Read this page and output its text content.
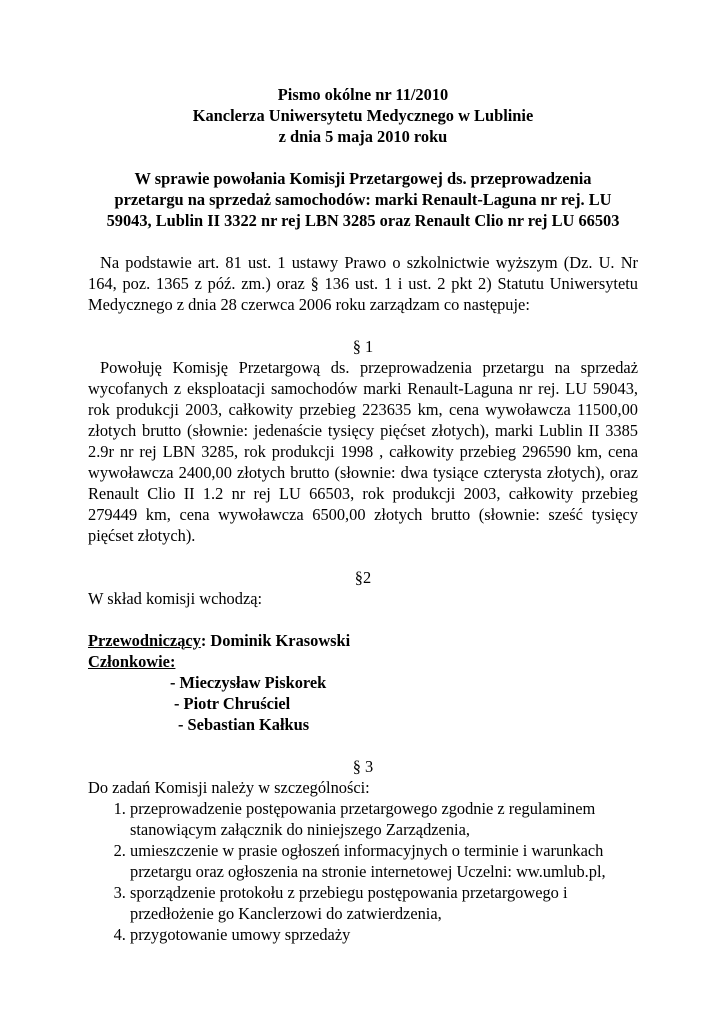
Pismo okólne nr 11/2010

Kanclerza Uniwersytetu Medycznego w Lublinie

z dnia 5 maja 2010 roku

W sprawie powołania Komisji Przetargowej ds. przeprowadzenia

przetargu na sprzedaż samochodów: marki Renault-Laguna nr rej. LU

59043, Lublin II 3322 nr rej LBN 3285 oraz Renault Clio nr rej LU 66503

Na podstawie art. 81 ust. 1 ustawy Prawo o szkolnictwie wyższym (Dz. U. Nr 164, poz. 1365 z póź. zm.) oraz § 136 ust. 1 i ust. 2 pkt 2) Statutu Uniwersytetu Medycznego z dnia 28 czerwca 2006 roku zarządzam co następuje:

§ 1

Powołuję Komisję Przetargową ds. przeprowadzenia przetargu na sprzedaż wycofanych z eksploatacji samochodów marki Renault-Laguna nr rej. LU 59043, rok produkcji 2003, całkowity przebieg 223635 km, cena wywoławcza 11500,00 złotych brutto (słownie: jedenaście tysięcy pięćset złotych), marki Lublin II 3385 2.9r nr rej LBN 3285, rok produkcji 1998 , całkowity przebieg 296590 km, cena wywoławcza 2400,00 złotych brutto (słownie: dwa tysiące czterysta złotych), oraz Renault Clio II 1.2 nr rej LU 66503, rok produkcji 2003, całkowity przebieg 279449 km, cena wywoławcza 6500,00 złotych brutto (słownie: sześć tysięcy pięćset złotych).

§2

W skład komisji wchodzą:

Przewodniczący: Dominik Krasowski

Członkowie:

- Mieczysław Piskorek
- Piotr Chruściel
- Sebastian Kałkus

§ 3

Do zadań Komisji należy w szczególności:

1. przeprowadzenie postępowania przetargowego zgodnie z regulaminem stanowiącym załącznik do niniejszego Zarządzenia,
2. umieszczenie w prasie ogłoszeń informacyjnych o terminie i warunkach przetargu oraz ogłoszenia na stronie internetowej Uczelni: ww.umlub.pl,
3. sporządzenie protokołu z przebiegu postępowania przetargowego i przedłożenie go Kanclerzowi do zatwierdzenia,
4. przygotowanie umowy sprzedaży
